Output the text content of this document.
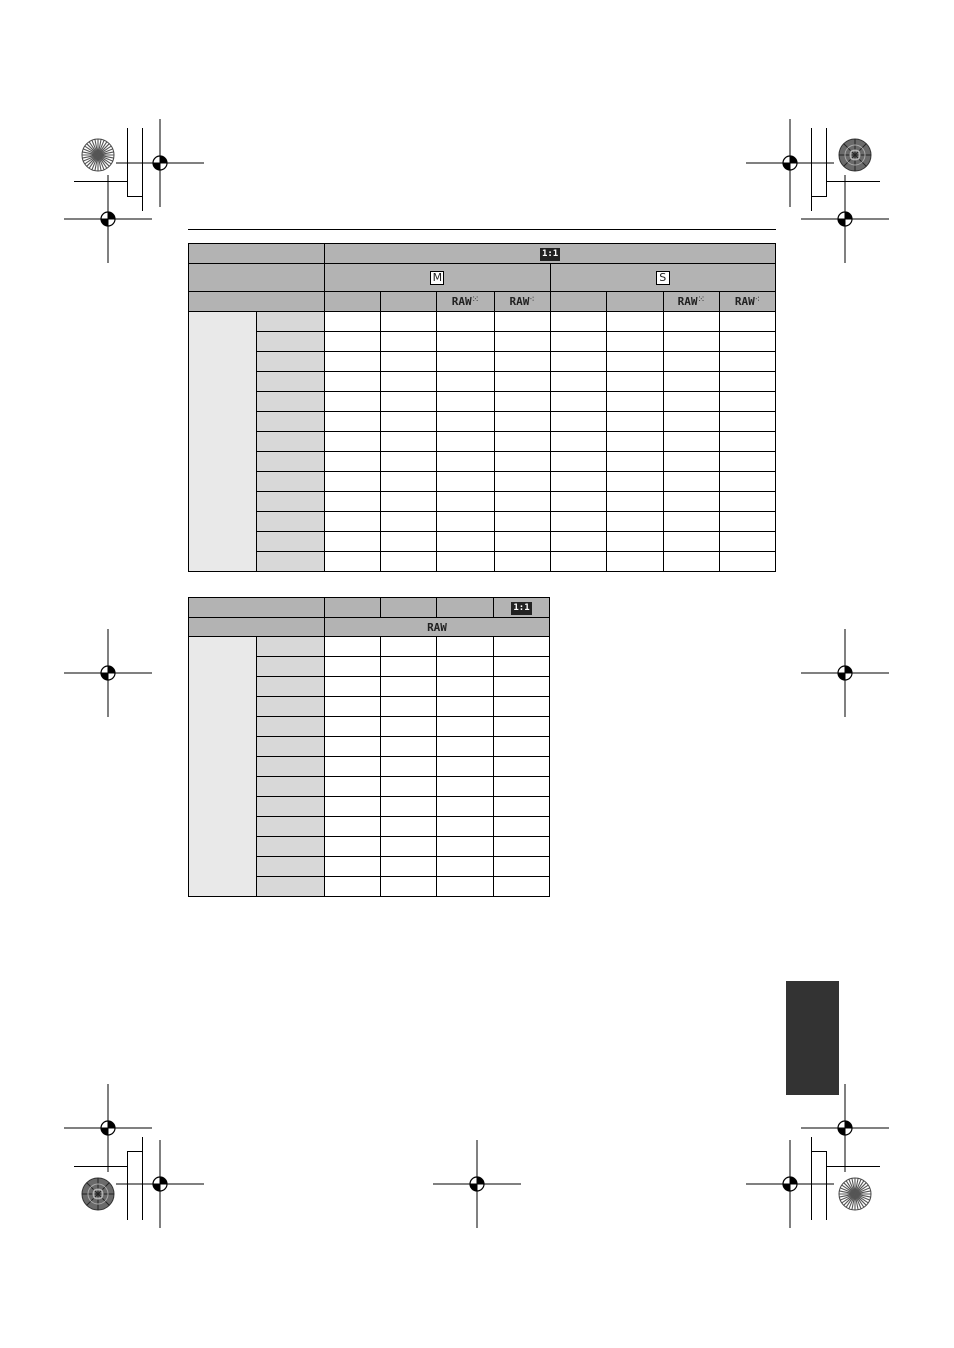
		1:1							
		M				S			
				RAW⁙	RAW⁖			RAW⁙	RAW⁖

					1:1
		RAW			
